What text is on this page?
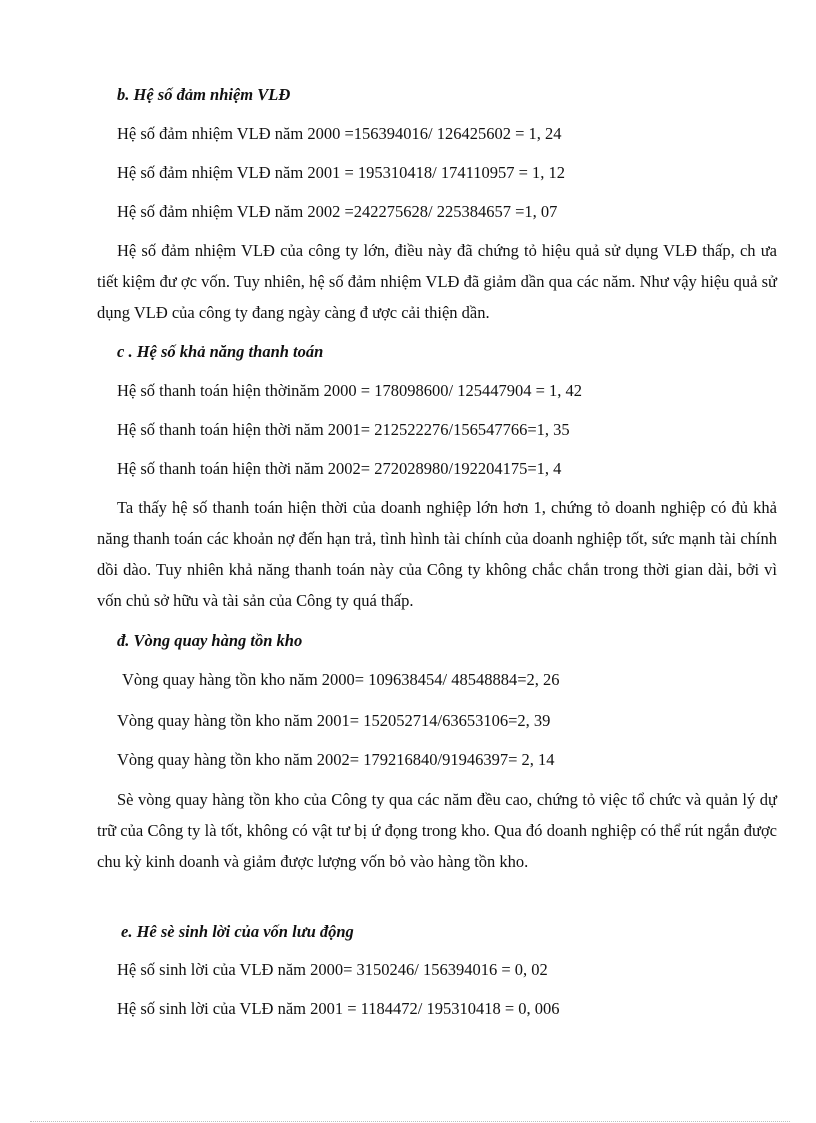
b. Hệ số đảm nhiệm VLĐ
Hệ số đảm nhiệm VLĐ năm 2000 =156394016/ 126425602 = 1, 24
Hệ số đảm nhiệm VLĐ năm 2001 = 195310418/ 174110957 = 1, 12
Hệ số đảm nhiệm VLĐ năm 2002 =242275628/ 225384657 =1, 07
Hệ số đảm nhiệm VLĐ của công ty lớn, điều này đã chứng tỏ hiệu quả sử dụng VLĐ thấp, ch ưa tiết kiệm đư ợc vốn. Tuy nhiên, hệ số đảm nhiệm VLĐ đã giảm dần qua các năm. Như vậy hiệu quả sử dụng VLĐ của công ty đang ngày càng đ ược cải thiện dần.
c . Hệ số khả năng thanh toán
Hệ số thanh toán hiện thờinăm 2000 = 178098600/ 125447904 = 1, 42
Hệ số thanh toán hiện thời năm 2001= 212522276/156547766=1, 35
Hệ số thanh toán hiện thời năm 2002= 272028980/192204175=1, 4
Ta thấy hệ số thanh toán hiện thời của doanh nghiệp lớn hơn 1, chứng tỏ doanh nghiệp có đủ khả năng thanh toán các khoản nợ đến hạn trả, tình hình tài chính của doanh nghiệp tốt, sức mạnh tài chính dồi dào. Tuy nhiên khả năng thanh toán này của Công ty không chắc chắn trong thời gian dài, bởi vì vốn chủ sở hữu và tài sản của Công ty quá thấp.
đ. Vòng quay hàng tồn kho
Vòng quay hàng tồn kho năm 2000= 109638454/ 48548884=2, 26
Vòng quay hàng tồn kho năm 2001= 152052714/63653106=2, 39
Vòng quay hàng tồn kho năm 2002= 179216840/91946397= 2, 14
Sè vòng quay hàng tồn kho của Công ty qua các năm đều cao, chứng tỏ việc tổ chức và quản lý dự trữ của Công ty là tốt, không có vật tư bị ứ đọng trong kho. Qua đó doanh nghiệp có thể rút ngắn được chu kỳ kinh doanh và giảm được lượng vốn bỏ vào hàng tồn kho.
e. Hê sè sinh lời của vốn lưu động
Hệ số sinh lời của VLĐ năm 2000= 3150246/ 156394016 = 0, 02
Hệ số sinh lời của VLĐ năm 2001 = 1184472/ 195310418 = 0, 006
